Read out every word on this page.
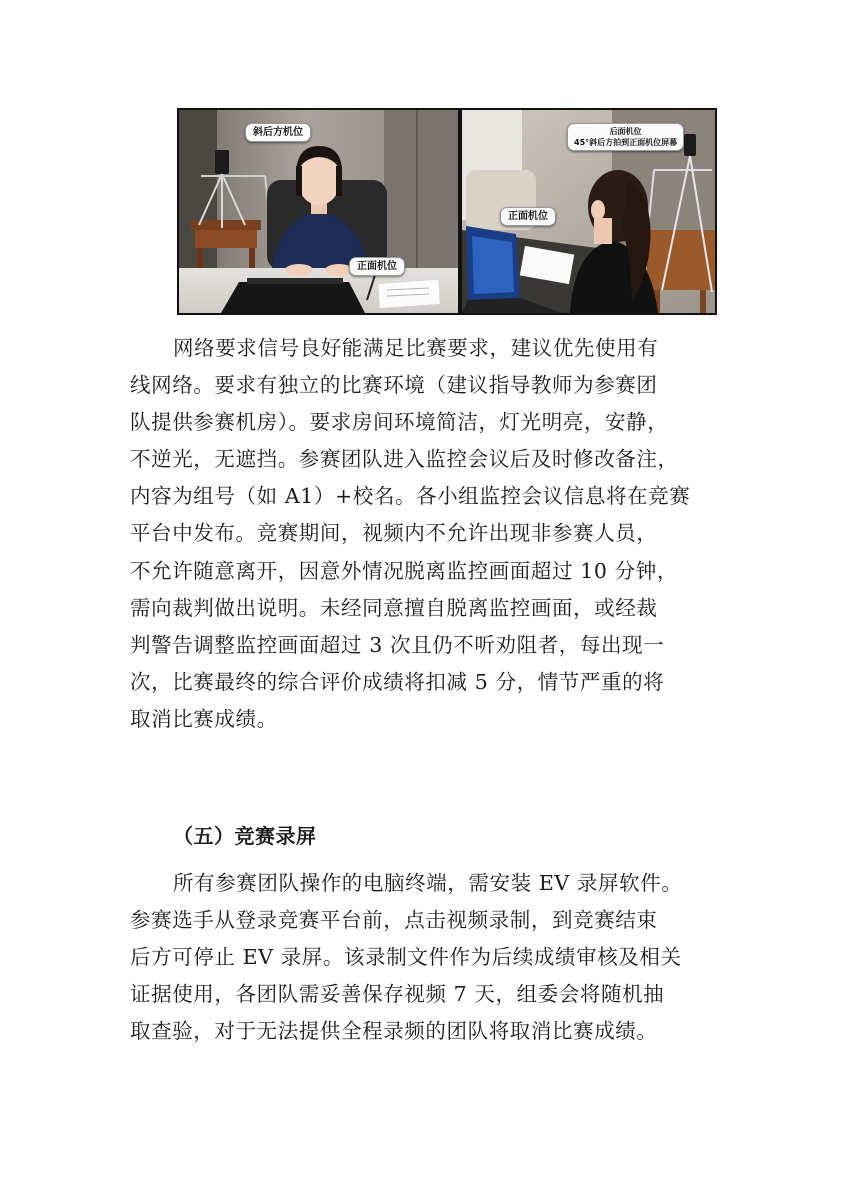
斜后方机位
正面机位
后面机位
45°斜后方拍到正面机位屏幕
正面机位

网络要求信号良好能满足比赛要求，建议优先使用有
线网络。要求有独立的比赛环境（建议指导教师为参赛团
队提供参赛机房）。要求房间环境简洁，灯光明亮，安静，
不逆光，无遮挡。参赛团队进入监控会议后及时修改备注，
内容为组号（如 A1）+校名。各小组监控会议信息将在竞赛
平台中发布。竞赛期间，视频内不允许出现非参赛人员，
不允许随意离开，因意外情况脱离监控画面超过 10 分钟，
需向裁判做出说明。未经同意擅自脱离监控画面，或经裁
判警告调整监控画面超过 3 次且仍不听劝阻者，每出现一
次，比赛最终的综合评价成绩将扣减 5 分，情节严重的将
取消比赛成绩。

（五）竞赛录屏

所有参赛团队操作的电脑终端，需安装 EV 录屏软件。
参赛选手从登录竞赛平台前，点击视频录制，到竞赛结束
后方可停止 EV 录屏。该录制文件作为后续成绩审核及相关
证据使用，各团队需妥善保存视频 7 天，组委会将随机抽
取查验，对于无法提供全程录频的团队将取消比赛成绩。
